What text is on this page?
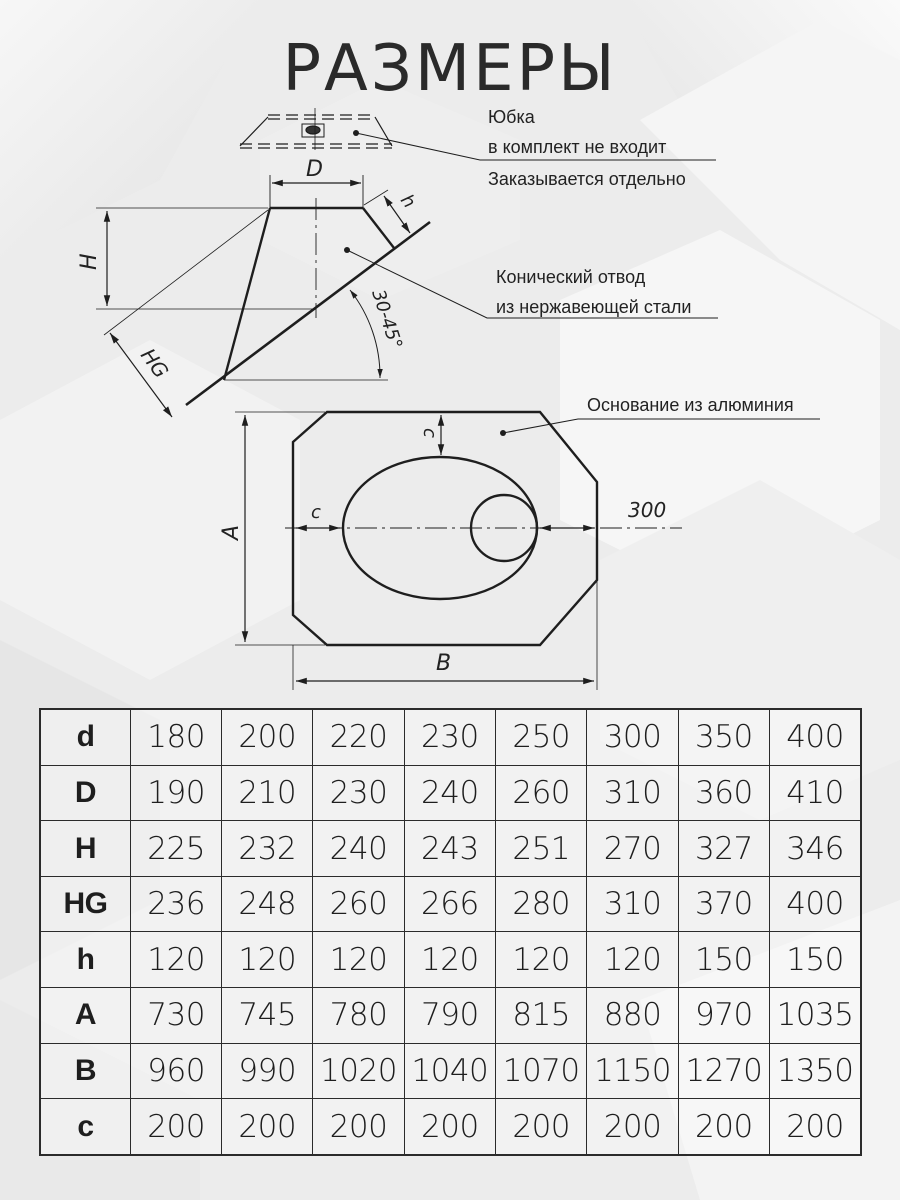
РАЗМЕРЫ
D
H
HG
h
30-45°
A
B
c
c	300
Юбка
в комплект не входит
Заказывается отдельно
Конический отвод
из нержавеющей стали
Основание из алюминия
d	180	200	220	230	250	300	350	400
D	190	210	230	240	260	310	360	410
H	225	232	240	243	251	270	327	346
HG	236	248	260	266	280	310	370	400
h	120	120	120	120	120	120	150	150
A	730	745	780	790	815	880	970	1035
B	960	990	1020	1040	1070	1150	1270	1350
c	200	200	200	200	200	200	200	200
